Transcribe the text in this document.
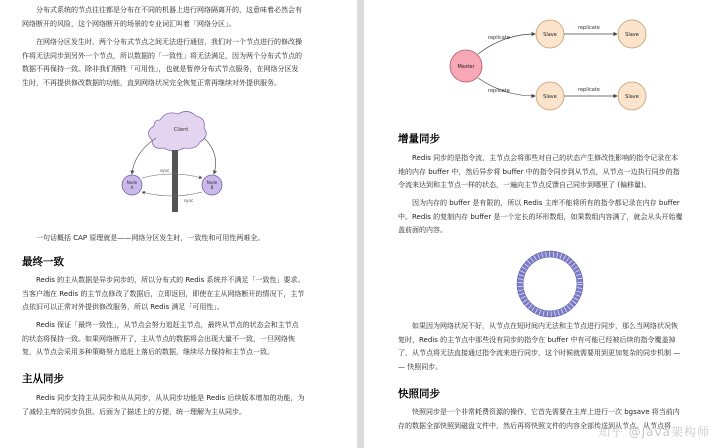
分布式系统的节点往往都是分布在不同的机器上进行网络隔离开的，这意味着必然会有
网络断开的风险，这个网络断开的场景的专业词汇叫着「网络分区」。

在网络分区发生时，两个分布式节点之间无法进行通信，我们对一个节点进行的修改操
作将无法同步到另外一个节点，所以数据的「一致性」将无法满足，因为两个分布式节点的
数据不再保持一致。除非我们牺牲「可用性」，也就是暂停分布式节点服务，在网络分区发
生时，不再提供修改数据的功能，直到网络状况完全恢复正常再继续对外提供服务。

Client
Node
A
Node
B
sync
sync

一句话概括 CAP 原理就是——网络分区发生时，一致性和可用性两难全。

最终一致

Redis 的主从数据是异步同步的，所以分布式的 Redis 系统并不满足「一致性」要求。
当客户端在 Redis 的主节点修改了数据后，立即返回，即使在主从网络断开的情况下，主节
点依旧可以正常对外提供修改服务，所以 Redis 满足「可用性」。

Redis 保证「最终一致性」，从节点会努力追赶主节点，最终从节点的状态会和主节点
的状态将保持一致。如果网络断开了，主从节点的数据将会出现大量不一致，一旦网络恢
复，从节点会采用多种策略努力追赶上落后的数据，继续尽力保持和主节点一致。

主从同步

Redis 同步支持主从同步和从从同步，从从同步功能是 Redis 后续版本增加的功能，为
了减轻主库的同步负担。后面为了描述上的方便，统一理解为主从同步。

Master
replicate
replicate
Slave	Slave
Slave	Slave
replicate
replicate
增量同步

Redis 同步的是指令流，主节点会将那些对自己的状态产生修改性影响的指令记录在本
地的内存 buffer 中，然后异步将 buffer 中的指令同步到从节点，从节点一边执行同步的指
令流来达到和主节点一样的状态，一遍向主节点反馈自己同步到哪里了 (偏移量)。

因为内存的 buffer 是有限的，所以 Redis 主库不能将所有的指令都记录在内存 buffer
中。Redis 的复制内存 buffer 是一个定长的环形数组，如果数组内容满了，就会从头开始覆
盖前面的内容。

如果因为网络状况不好，从节点在短时间内无法和主节点进行同步，那么当网络状况恢
复时，Redis 的主节点中那些没有同步的指令在 buffer 中有可能已经被后续的指令覆盖掉
了，从节点将无法直接通过指令流来进行同步，这个时候就需要用到更加复杂的同步机制 —
— 快照同步。

快照同步

快照同步是一个非常耗费资源的操作，它首先需要在主库上进行一次 bgsave 将当前内
存的数据全部快照到磁盘文件中，然后再将快照文件的内容全部传送到从节点。从节点将

知乎 @Java架构师
